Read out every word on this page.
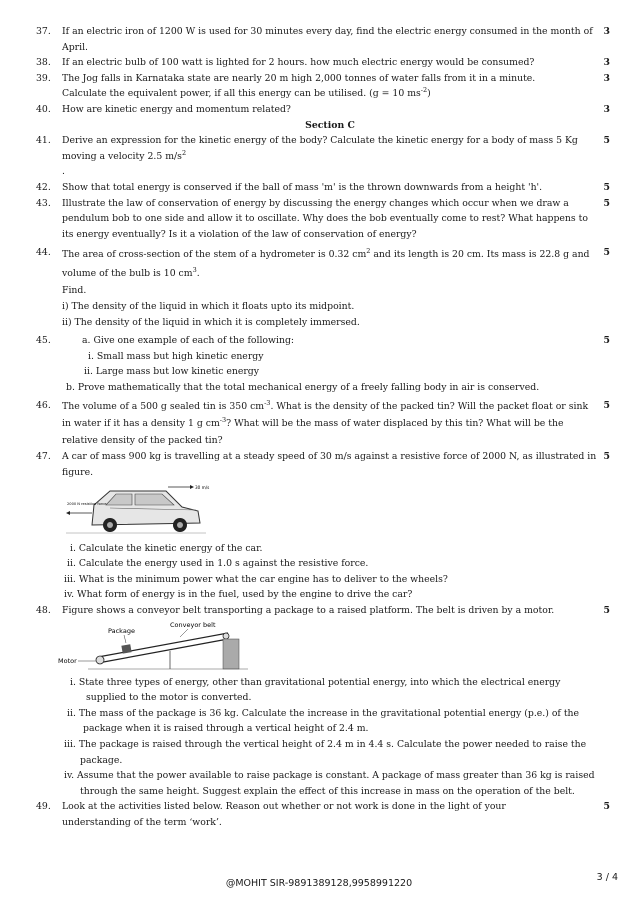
37.	3
If an electric iron of 1200 W is used for 30 minutes every day, find the electric energy consumed in the month of April.
38.	3
If an electric bulb of 100 watt is lighted for 2 hours. how much electric energy would be consumed?
39.	3
The Jog falls in Karnataka state are nearly 20 m high 2,000 tonnes of water falls from it in a minute.
Calculate the equivalent power, if all this energy can be utilised. (g = 10 $ms^{-2}$)
40.	3
How are kinetic energy and momentum related?
Section C
41.	5
Derive an expression for the kinetic energy of the body? Calculate the kinetic energy for a body of mass 5 Kg moving a velocity 2.5 $m/s^2$
.
42.	5
Show that total energy is conserved if the ball of mass 'm' is the thrown downwards from a height 'h'.
43.	5
Illustrate the law of conservation of energy by discussing the energy changes which occur when we draw a pendulum bob to one side and allow it to oscillate. Why does the bob eventually come to rest? What happens to its energy eventually? Is it a violation of the law of conservation of energy?
44.	5
The area of cross-section of the stem of a hydrometer is 0.32 $cm^2$ and its length is 20 cm. Its mass is 22.8 g and volume of the bulb is 10 $cm^3$.
Find.
i) The density of the liquid in which it floats upto its midpoint.
ii) The density of the liquid in which it is completely immersed.
45.	5
a. Give one example of each of the following:
i. Small mass but high kinetic energy
ii. Large mass but low kinetic energy
b. Prove mathematically that the total mechanical energy of a freely falling body in air is conserved.
46.	5
The volume of a 500 g sealed tin is 350 $cm^{-3}$. What is the density of the packed tin? Will the packet float or sink in water if it has a density 1 g $cm^{-3}$? What will be the mass of water displaced by this tin? What will be the relative density of the packed tin?
47.	5
A car of mass 900 kg is travelling at a steady speed of 30 m/s against a resistive force of 2000 N, as illustrated in figure.
30 m/s
2000 N resistive force
i. Calculate the kinetic energy of the car.
ii. Calculate the energy used in 1.0 s against the resistive force.
iii. What is the minimum power what the car engine has to deliver to the wheels?
iv. What form of energy is in the fuel, used by the engine to drive the car?
48.	5
Figure shows a conveyor belt transporting a package to a raised platform. The belt is driven by a motor.
Package
Conveyor belt
Motor
i. State three types of energy, other than gravitational potential energy, into which the electrical energy supplied to the motor is converted.
ii. The mass of the package is 36 kg. Calculate the increase in the gravitational potential energy (p.e.) of the package when it is raised through a vertical height of 2.4 m.
iii. The package is raised through the vertical height of 2.4 m in 4.4 s. Calculate the power needed to raise the package.
iv. Assume that the power available to raise package is constant. A package of mass greater than 36 kg is raised through the same height. Suggest explain the effect of this increase in mass on the operation of the belt.
49.	5
Look at the activities listed below. Reason out whether or not work is done in the light of your understanding of the term ‘work’.
@MOHIT SIR-9891389128,9958991220
3 / 4
